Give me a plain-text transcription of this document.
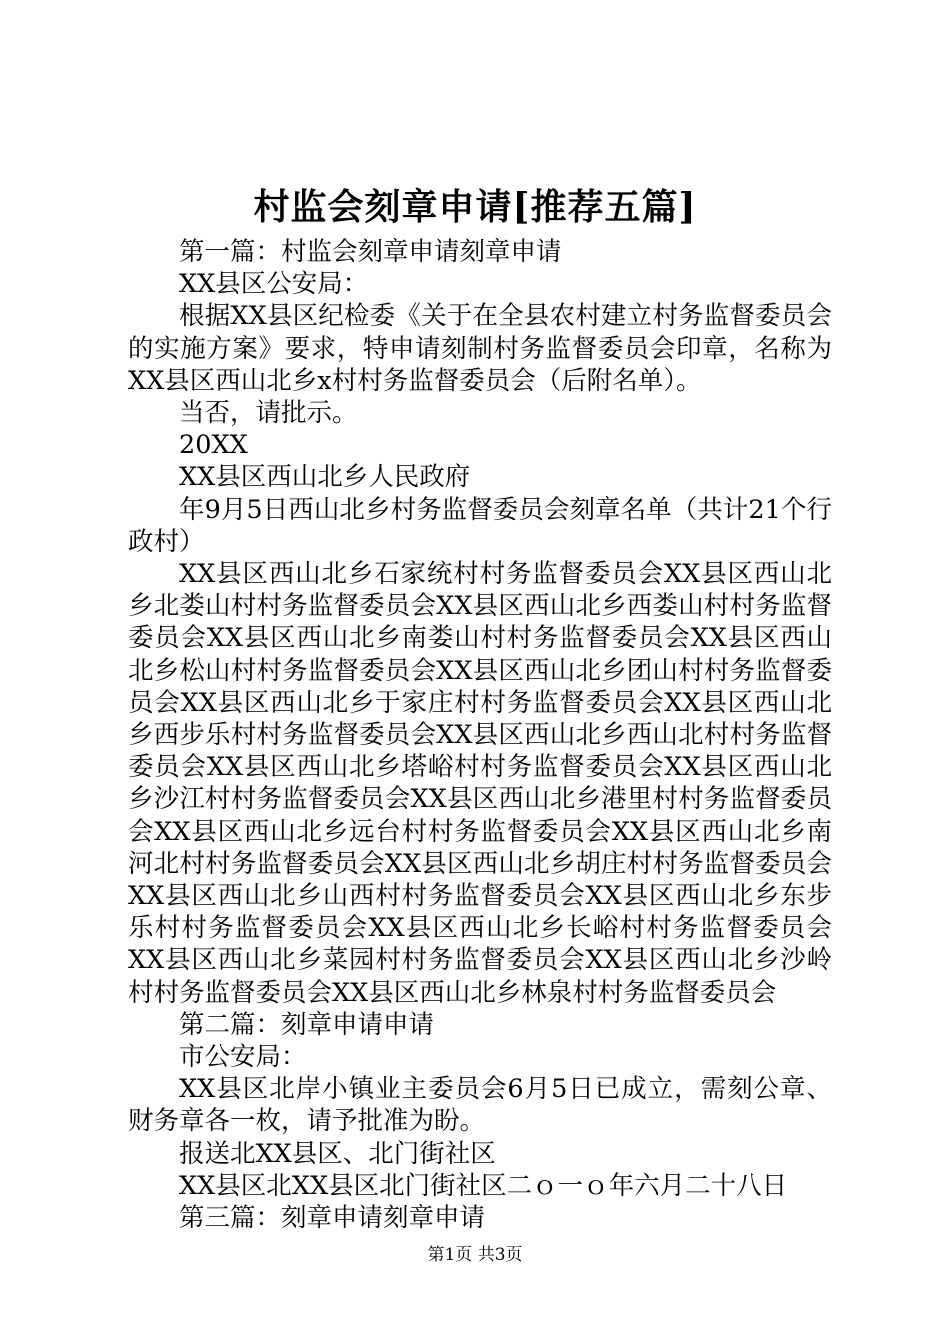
村监会刻章申请[推荐五篇]

第一篇：村监会刻章申请刻章申请

XX县区公安局：

根据XX县区纪检委《关于在全县农村建立村务监督委员会的实施方案》要求，特申请刻制村务监督委员会印章，名称为XX县区西山北乡x村村务监督委员会（后附名单）。

当否，请批示。

20XX

XX县区西山北乡人民政府

年9月5日西山北乡村务监督委员会刻章名单（共计21个行政村）

XX县区西山北乡石家统村村务监督委员会XX县区西山北乡北娄山村村务监督委员会XX县区西山北乡西娄山村村务监督委员会XX县区西山北乡南娄山村村务监督委员会XX县区西山北乡松山村村务监督委员会XX县区西山北乡团山村村务监督委员会XX县区西山北乡于家庄村村务监督委员会XX县区西山北乡西步乐村村务监督委员会XX县区西山北乡西山北村村务监督委员会XX县区西山北乡塔峪村村务监督委员会XX县区西山北乡沙江村村务监督委员会XX县区西山北乡港里村村务监督委员会XX县区西山北乡远台村村务监督委员会XX县区西山北乡南河北村村务监督委员会XX县区西山北乡胡庄村村务监督委员会XX县区西山北乡山西村村务监督委员会XX县区西山北乡东步乐村村务监督委员会XX县区西山北乡长峪村村务监督委员会XX县区西山北乡菜园村村务监督委员会XX县区西山北乡沙岭村村务监督委员会XX县区西山北乡林泉村村务监督委员会

第二篇：刻章申请申请

市公安局：

XX县区北岸小镇业主委员会6月5日已成立，需刻公章、财务章各一枚，请予批准为盼。

报送北XX县区、北门街社区

XX县区北XX县区北门街社区二ｏ一ｏ年六月二十八日

第三篇：刻章申请刻章申请

第1页 共3页
